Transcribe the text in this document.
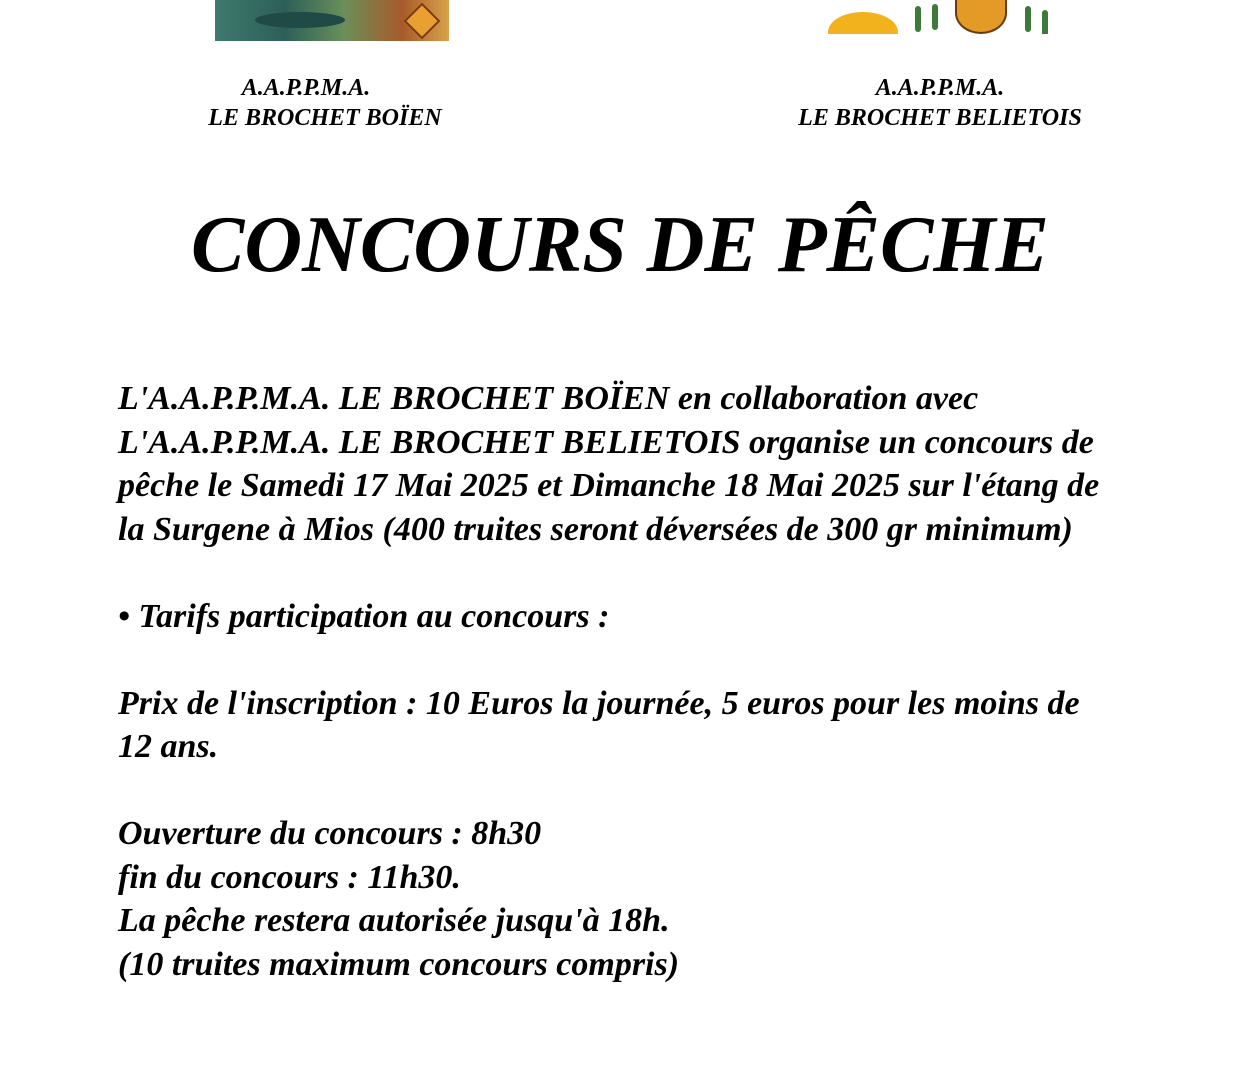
A.A.P.P.M.A.
LE BROCHET BOÏEN
A.A.P.P.M.A.
LE BROCHET BELIETOIS
CONCOURS DE PÊCHE

L'A.A.P.P.M.A. LE BROCHET BOÏEN en collaboration avec L'A.A.P.P.M.A. LE BROCHET BELIETOIS organise un concours de pêche le Samedi 17 Mai 2025 et Dimanche 18 Mai 2025 sur l'étang de la Surgene à Mios (400 truites seront déversées de 300 gr minimum)

• Tarifs participation au concours :

Prix de l'inscription : 10 Euros la journée, 5 euros pour les moins de 12 ans.

Ouverture du concours : 8h30

fin du concours : 11h30.

La pêche restera autorisée jusqu'à 18h.

(10 truites maximum concours compris)
